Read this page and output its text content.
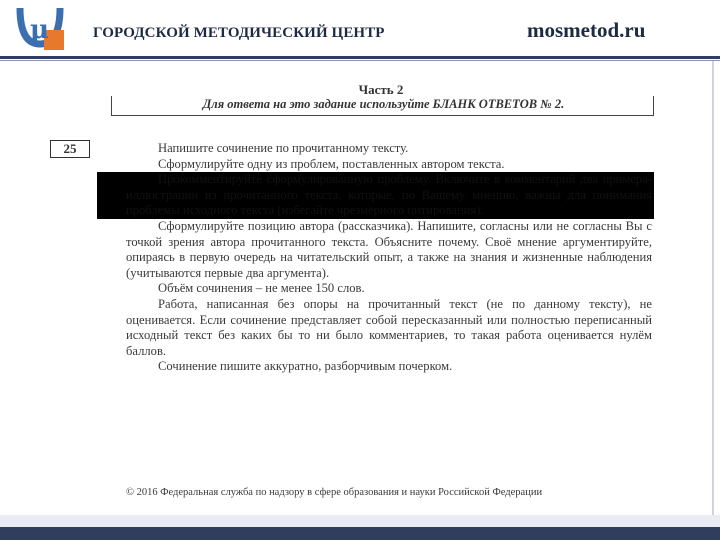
μ	ГОРОДСКОЙ МЕТОДИЧЕСКИЙ ЦЕНТР	mosmetod.ru
Часть 2
Для ответа на это задание используйте БЛАНК ОТВЕТОВ № 2.
25	Напишите сочинение по прочитанному тексту.

Сформулируйте одну из проблем, поставленных автором текста.

Прокомментируйте сформулированную проблему. Включите в комментарий два примера-иллюстрации из прочитанного текста, которые, по Вашему мнению, важны для понимания проблемы исходного текста (избегайте чрезмерного цитирования).

Сформулируйте позицию автора (рассказчика). Напишите, согласны или не согласны Вы с точкой зрения автора прочитанного текста. Объясните почему. Своё мнение аргументируйте, опираясь в первую очередь на читательский опыт, а также на знания и жизненные наблюдения (учитываются первые два аргумента).

Объём сочинения – не менее 150 слов.

Работа, написанная без опоры на прочитанный текст (не по данному тексту), не оценивается. Если сочинение представляет собой пересказанный или полностью переписанный исходный текст без каких бы то ни было комментариев, то такая работа оценивается нулём баллов.

Сочинение пишите аккуратно, разборчивым почерком.

© 2016 Федеральная служба по надзору в сфере образования и науки Российской Федерации
